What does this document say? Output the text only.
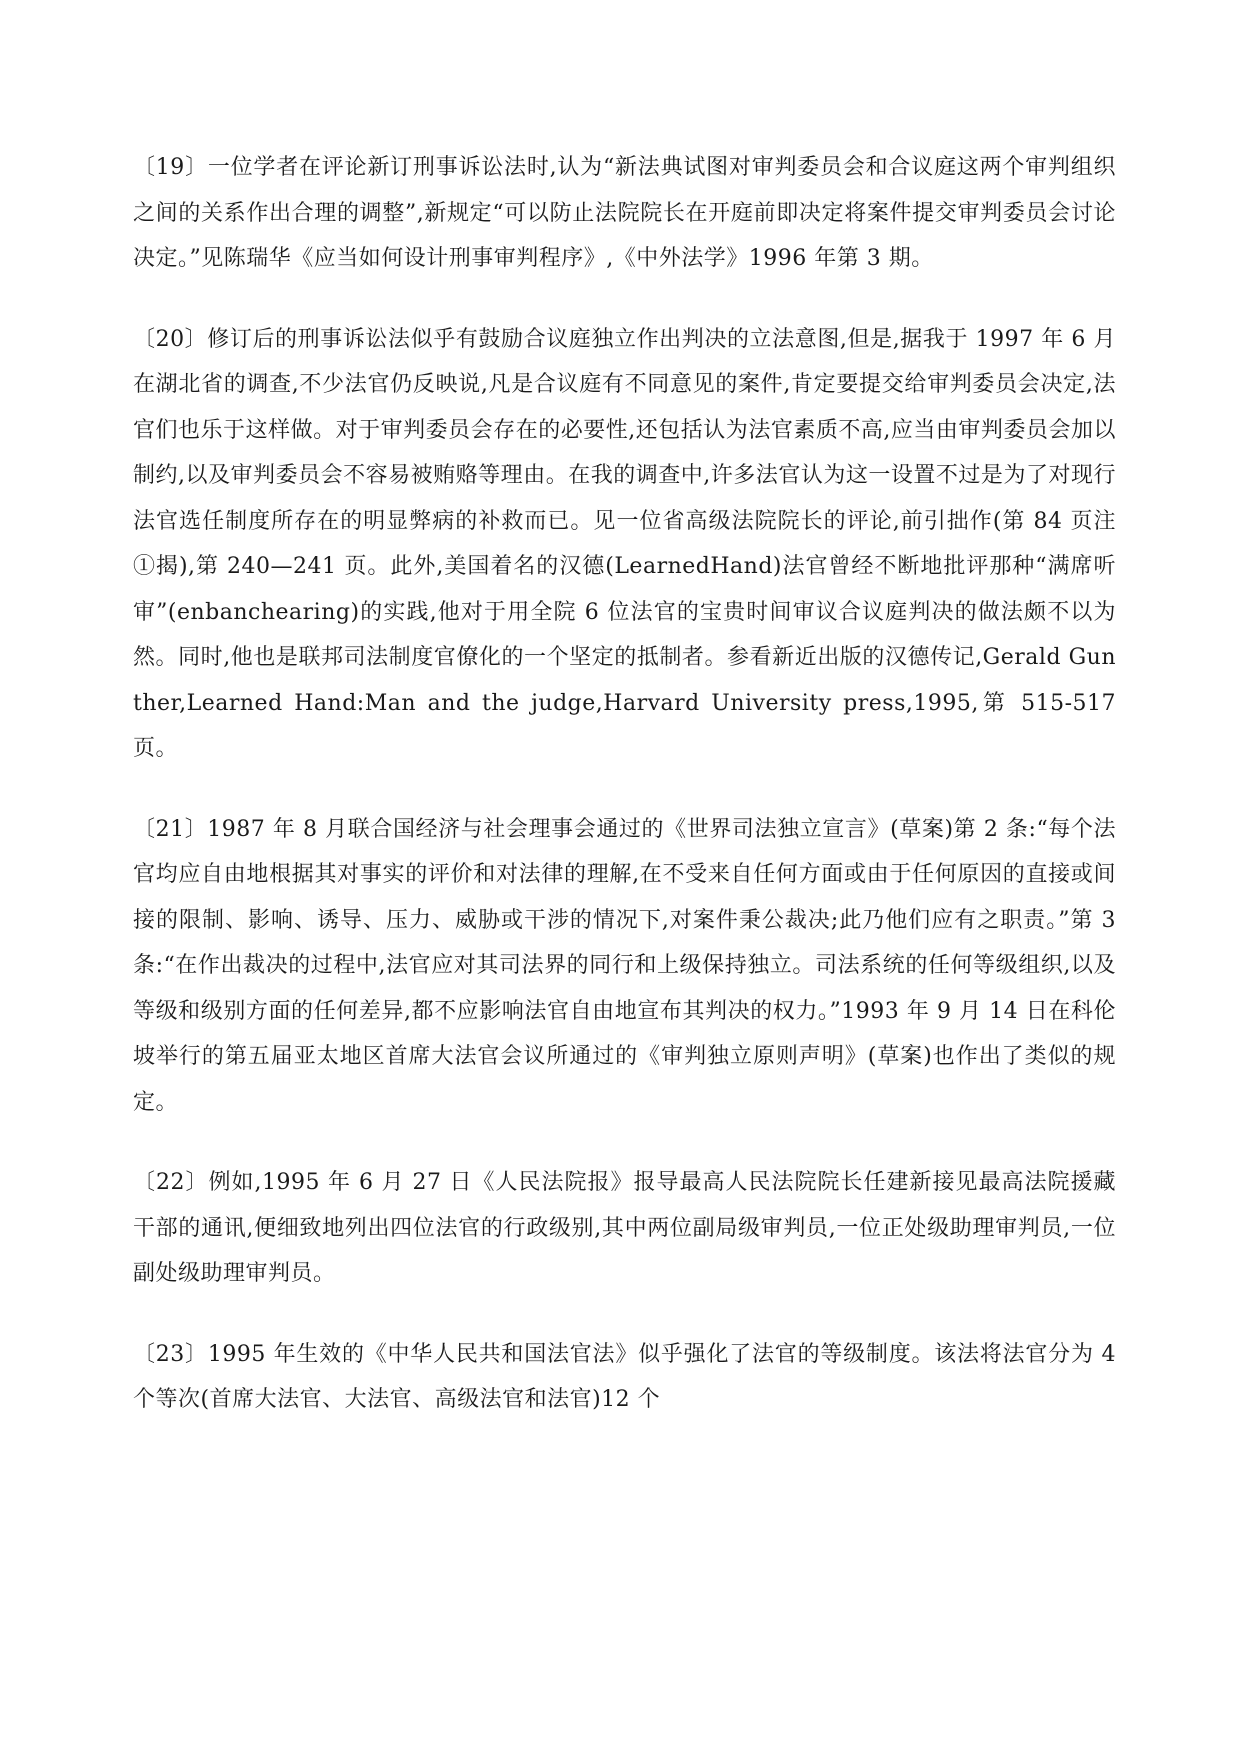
〔19〕一位学者在评论新订刑事诉讼法时,认为“新法典试图对审判委员会和合议庭这两个审判组织之间的关系作出合理的调整”,新规定“可以防止法院院长在开庭前即决定将案件提交审判委员会讨论决定。”见陈瑞华《应当如何设计刑事审判程序》,《中外法学》1996 年第 3 期。

〔20〕修订后的刑事诉讼法似乎有鼓励合议庭独立作出判决的立法意图,但是,据我于 1997 年 6 月在湖北省的调查,不少法官仍反映说,凡是合议庭有不同意见的案件,肯定要提交给审判委员会决定,法官们也乐于这样做。对于审判委员会存在的必要性,还包括认为法官素质不高,应当由审判委员会加以制约,以及审判委员会不容易被贿赂等理由。在我的调查中,许多法官认为这一设置不过是为了对现行法官选任制度所存在的明显弊病的补救而已。见一位省高级法院院长的评论,前引拙作(第 84 页注①揭),第 240—241 页。此外,美国着名的汉德(LearnedHand)法官曾经不断地批评那种“满席听审”(enbanchearing)的实践,他对于用全院 6 位法官的宝贵时间审议合议庭判决的做法颇不以为然。同时,他也是联邦司法制度官僚化的一个坚定的抵制者。参看新近出版的汉德传记,Gerald Gunther,Learned Hand:Man and the judge,Harvard University press,1995,第 515-517 页。

〔21〕1987 年 8 月联合国经济与社会理事会通过的《世界司法独立宣言》(草案)第 2 条:“每个法官均应自由地根据其对事实的评价和对法律的理解,在不受来自任何方面或由于任何原因的直接或间接的限制、影响、诱导、压力、威胁或干涉的情况下,对案件秉公裁决;此乃他们应有之职责。”第 3 条:“在作出裁决的过程中,法官应对其司法界的同行和上级保持独立。司法系统的任何等级组织,以及等级和级别方面的任何差异,都不应影响法官自由地宣布其判决的权力。”1993 年 9 月 14 日在科伦坡举行的第五届亚太地区首席大法官会议所通过的《审判独立原则声明》(草案)也作出了类似的规定。

〔22〕例如,1995 年 6 月 27 日《人民法院报》报导最高人民法院院长任建新接见最高法院援藏干部的通讯,便细致地列出四位法官的行政级别,其中两位副局级审判员,一位正处级助理审判员,一位副处级助理审判员。

〔23〕1995 年生效的《中华人民共和国法官法》似乎强化了法官的等级制度。该法将法官分为 4 个等次(首席大法官、大法官、高级法官和法官)12 个
